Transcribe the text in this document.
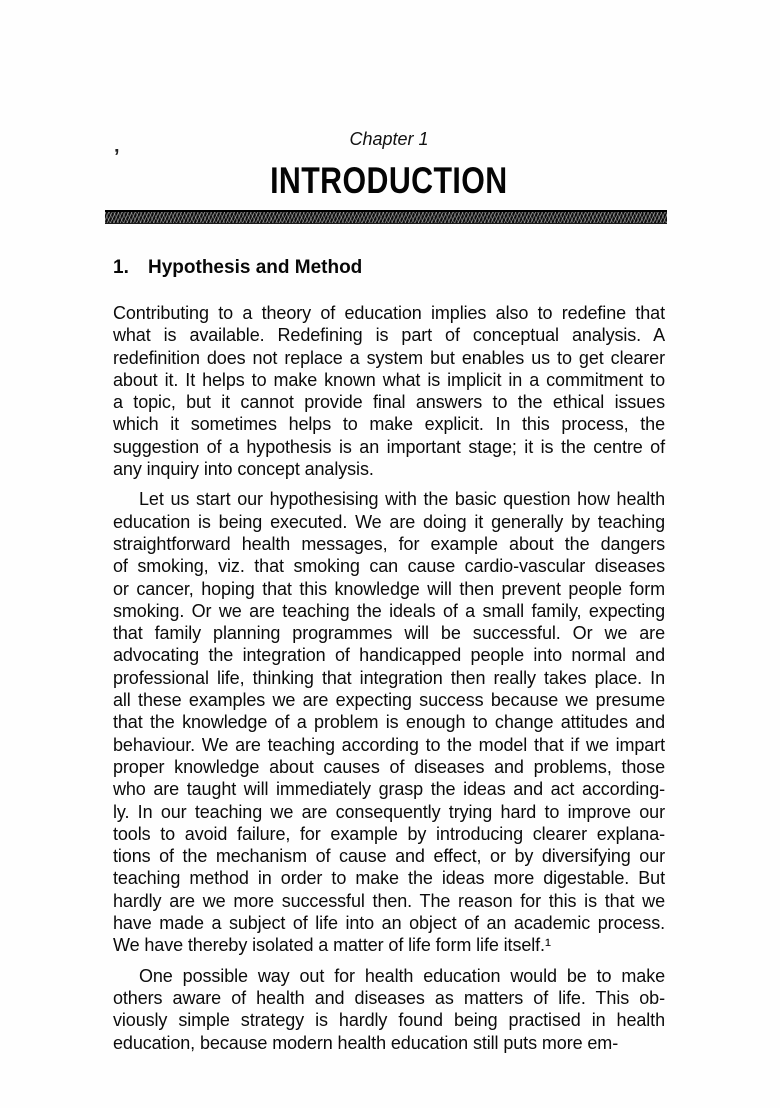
’
Chapter 1
INTRODUCTION
1.	Hypothesis and Method
Contributing to a theory of education implies also to redefine that
what is available. Redefining is part of conceptual analysis. A
redefinition does not replace a system but enables us to get clearer
about it. It helps to make known what is implicit in a commitment to
a topic, but it cannot provide final answers to the ethical issues
which it sometimes helps to make explicit. In this process, the
suggestion of a hypothesis is an important stage; it is the centre of
any inquiry into concept analysis.
Let us start our hypothesising with the basic question how health
education is being executed. We are doing it generally by teaching
straightforward health messages, for example about the dangers
of smoking, viz. that smoking can cause cardio-vascular diseases
or cancer, hoping that this knowledge will then prevent people form
smoking. Or we are teaching the ideals of a small family, expecting
that family planning programmes will be successful. Or we are
advocating the integration of handicapped people into normal and
professional life, thinking that integration then really takes place. In
all these examples we are expecting success because we presume
that the knowledge of a problem is enough to change attitudes and
behaviour. We are teaching according to the model that if we impart
proper knowledge about causes of diseases and problems, those
who are taught will immediately grasp the ideas and act according-
ly. In our teaching we are consequently trying hard to improve our
tools to avoid failure, for example by introducing clearer explana-
tions of the mechanism of cause and effect, or by diversifying our
teaching method in order to make the ideas more digestable. But
hardly are we more successful then. The reason for this is that we
have made a subject of life into an object of an academic process.
We have thereby isolated a matter of life form life itself.¹
One possible way out for health education would be to make
others aware of health and diseases as matters of life. This ob-
viously simple strategy is hardly found being practised in health
education, because modern health education still puts more em-
